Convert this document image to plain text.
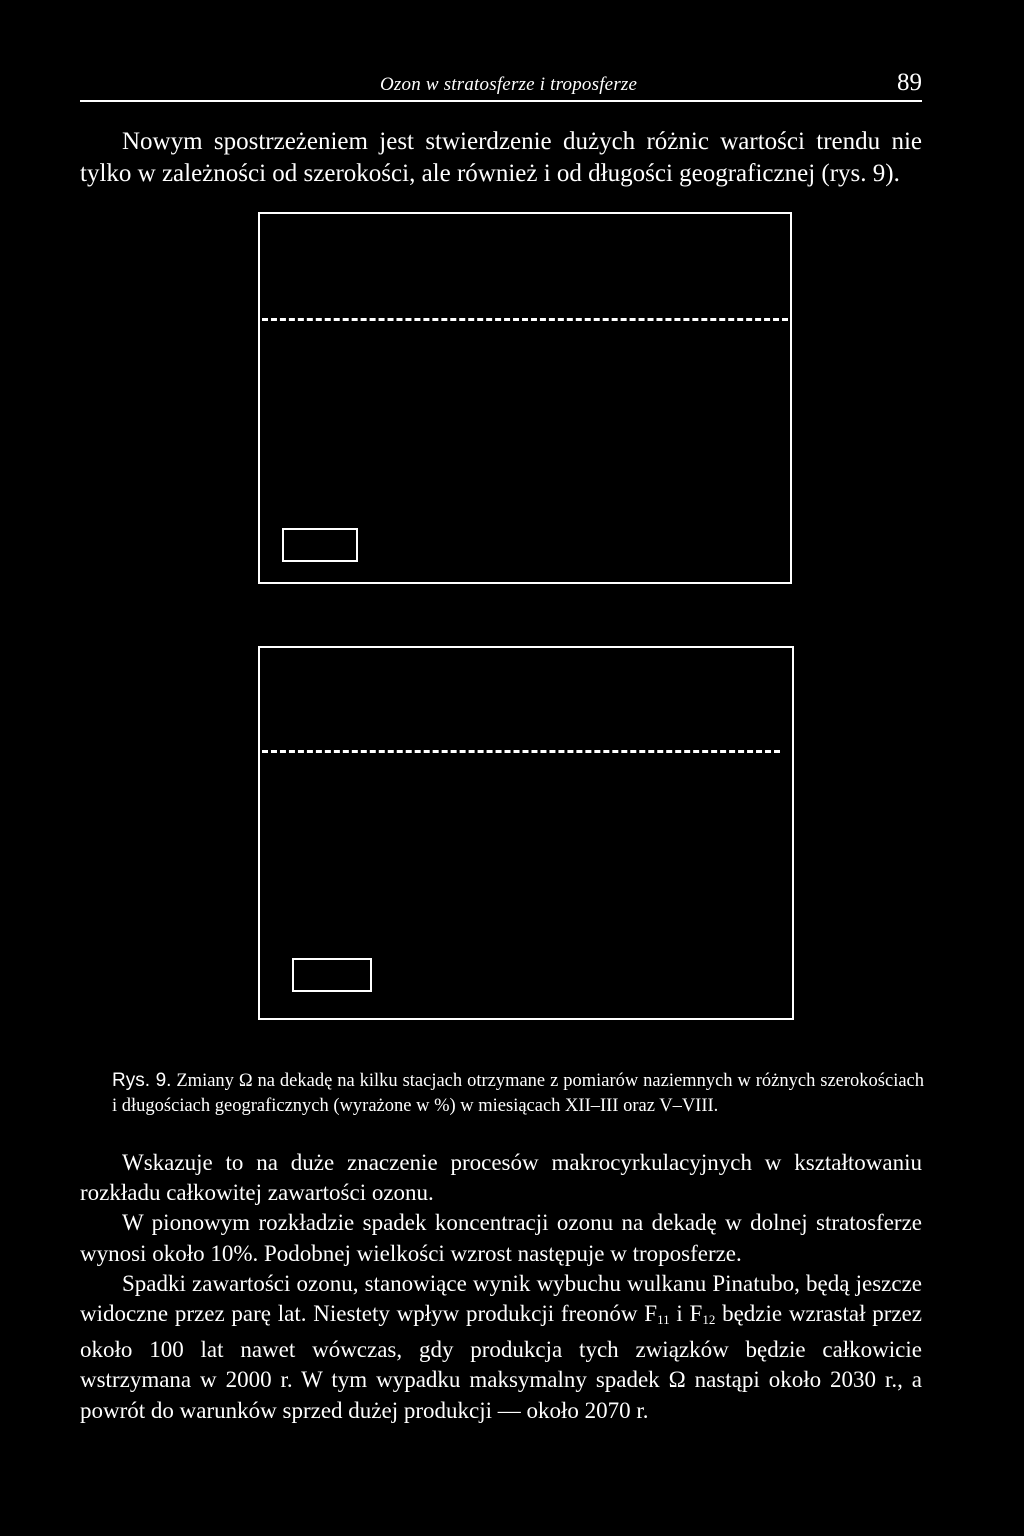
Ozon w stratosferze i troposferze	89

Nowym spostrzeżeniem jest stwierdzenie dużych różnic wartości trendu nie tylko w zależności od szerokości, ale również i od długości geograficznej (rys. 9).

Rys. 9. Zmiany Ω na dekadę na kilku stacjach otrzymane z pomiarów naziemnych w różnych szerokościach i długościach geograficznych (wyrażone w %) w miesiącach XII–III oraz V–VIII.

Wskazuje to na duże znaczenie procesów makrocyrkulacyjnych w kształtowaniu rozkładu całkowitej zawartości ozonu.

W pionowym rozkładzie spadek koncentracji ozonu na dekadę w dolnej stratosferze wynosi około 10%. Podobnej wielkości wzrost następuje w troposferze.

Spadki zawartości ozonu, stanowiące wynik wybuchu wulkanu Pinatubo, będą jeszcze widoczne przez parę lat. Niestety wpływ produkcji freonów $F_{11}$ i $F_{12}$ będzie wzrastał przez około 100 lat nawet wówczas, gdy produkcja tych związków będzie całkowicie wstrzymana w 2000 r. W tym wypadku maksymalny spadek Ω nastąpi około 2030 r., a powrót do warunków sprzed dużej produkcji — około 2070 r.
